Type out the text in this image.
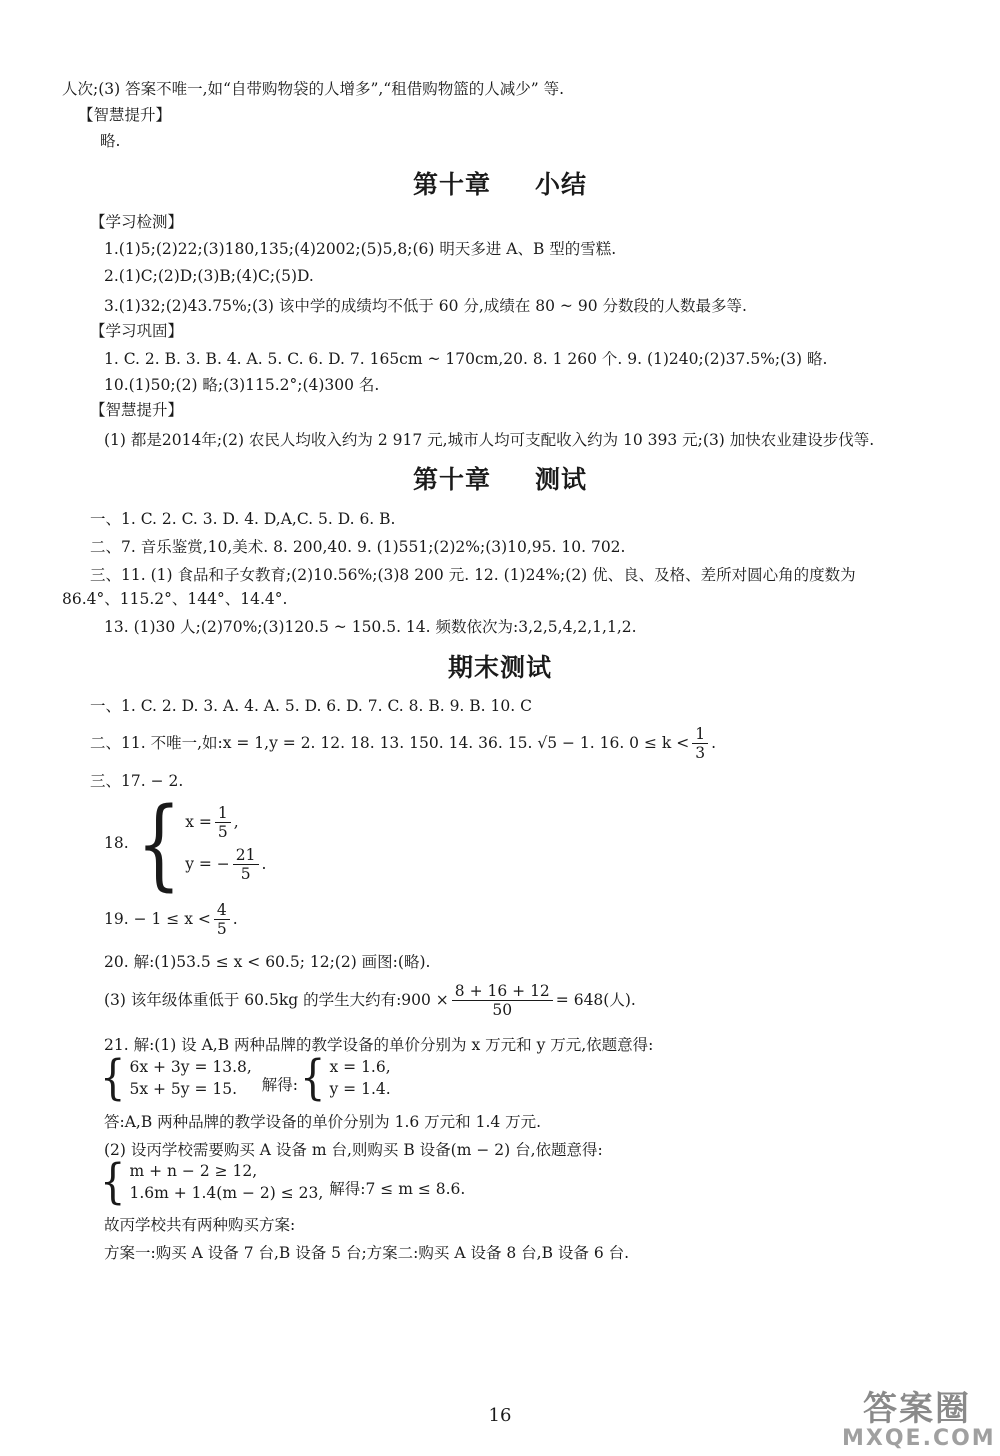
人次;(3) 答案不唯一,如“自带购物袋的人增多”,“租借购物篮的人减少” 等.
【智慧提升】
略.
第十章 小结
【学习检测】
1.(1)5;(2)22;(3)180,135;(4)2002;(5)5,8;(6) 明天多进 A、B 型的雪糕.
2.(1)C;(2)D;(3)B;(4)C;(5)D.
3.(1)32;(2)43.75%;(3) 该中学的成绩均不低于 60 分,成绩在 80 ~ 90 分数段的人数最多等.
【学习巩固】
1. C. 2. B. 3. B. 4. A. 5. C. 6. D. 7. 165cm ~ 170cm,20. 8. 1 260 个. 9. (1)240;(2)37.5%;(3) 略.
10.(1)50;(2) 略;(3)115.2°;(4)300 名.
【智慧提升】
(1) 都是2014年;(2) 农民人均收入约为 2 917 元,城市人均可支配收入约为 10 393 元;(3) 加快农业建设步伐等.
第十章 测试
一、1. C. 2. C. 3. D. 4. D,A,C. 5. D. 6. B.
二、7. 音乐鉴赏,10,美术. 8. 200,40. 9. (1)551;(2)2%;(3)10,95. 10. 702.
三、11. (1) 食品和子女教育;(2)10.56%;(3)8 200 元. 12. (1)24%;(2) 优、良、及格、差所对圆心角的度数为
86.4°、115.2°、144°、14.4°.
13. (1)30 人;(2)70%;(3)120.5 ~ 150.5. 14. 频数依次为:3,2,5,4,2,1,1,2.
期末测试
一、1. C. 2. D. 3. A. 4. A. 5. D. 6. D. 7. C. 8. B. 9. B. 10. C
二、11. 不唯一,如:x = 1,y = 2. 12. 18. 13. 150. 14. 36. 15. √5 − 1. 16. $0 \le k < \frac{1}{3}$ .
三、17. − 2.
18. { $x = \frac{1}{5}$ ,
y = − $\frac{21}{5}$ .
19. − $1 \le x < \frac{4}{5}$ .
20. 解:(1)53.5 ≤ x < 60.5; 12;(2) 画图:(略).
(3) 该年级体重低于 60.5kg 的学生大约有:900 × $\frac{8 + 16 + 12}{50} = 648$(人).
21. 解:(1) 设 A,B 两种品牌的教学设备的单价分别为 x 万元和 y 万元,依题意得:
{ 6x + 3y = 13.8,
5x + 5y = 15.	解得: { x = 1.6,
y = 1.4.
答:A,B 两种品牌的教学设备的单价分别为 1.6 万元和 1.4 万元.
(2) 设丙学校需要购买 A 设备 m 台,则购买 B 设备(m − 2) 台,依题意得:
{ m + n − 2 ≥ 12,
1.6m + 1.4(m − 2) ≤ 23, 解得:7 ≤ m ≤ 8.6.
故丙学校共有两种购买方案:
方案一:购买 A 设备 7 台,B 设备 5 台;方案二:购买 A 设备 8 台,B 设备 6 台.
16	答案圈
MXQE.COM
